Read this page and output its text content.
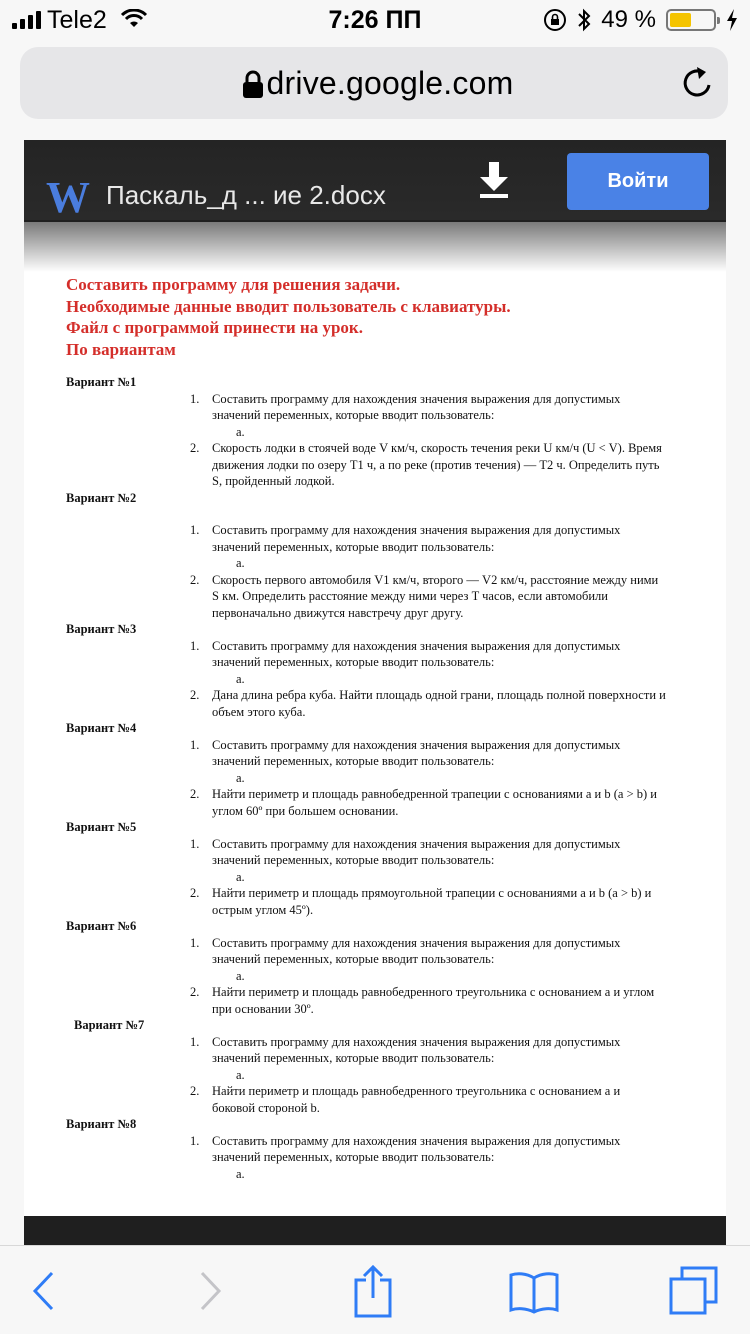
Tele2	7:26 ПП	49 %
drive.google.com
W Паскаль_д ... ие 2.docx	Войти
Составить программу для решения задачи.
Необходимые данные вводит пользователь с клавиатуры.
Файл с программой принести на урок.
По вариантам
Вариант №1
1.	Составить программу для нахождения значения выражения для допустимых значений переменных, которые вводит пользователь:
a.
2.	Скорость лодки в стоячей воде V км/ч, скорость течения реки U км/ч (U < V). Время движения лодки по озеру T1 ч, а по реке (против течения) — T2 ч. Определить путь S, пройденный лодкой.
Вариант №2
1.	Составить программу для нахождения значения выражения для допустимых значений переменных, которые вводит пользователь:
a.
2.	Скорость первого автомобиля V1 км/ч, второго — V2 км/ч, расстояние между ними S км. Определить расстояние между ними через T часов, если автомобили первоначально движутся навстречу друг другу.
Вариант №3
1.	Составить программу для нахождения значения выражения для допустимых значений переменных, которые вводит пользователь:
a.
2.	Дана длина ребра куба. Найти площадь одной грани, площадь полной поверхности и объем этого куба.
Вариант №4
1.	Составить программу для нахождения значения выражения для допустимых значений переменных, которые вводит пользователь:
a.
2.	Найти периметр и площадь равнобедренной трапеции с основаниями a и b (a > b) и углом 60º при большем основании.
Вариант №5
1.	Составить программу для нахождения значения выражения для допустимых значений переменных, которые вводит пользователь:
a.
2.	Найти периметр и площадь прямоугольной трапеции с основаниями a и b (a > b) и острым углом 45º).
Вариант №6
1.	Составить программу для нахождения значения выражения для допустимых значений переменных, которые вводит пользователь:
a.
2.	Найти периметр и площадь равнобедренного треугольника с основанием a и углом при основании 30º.
Вариант №7
1.	Составить программу для нахождения значения выражения для допустимых значений переменных, которые вводит пользователь:
a.
2.	Найти периметр и площадь равнобедренного треугольника с основанием a и боковой стороной b.
Вариант №8
1.	Составить программу для нахождения значения выражения для допустимых значений переменных, которые вводит пользователь:
a.
